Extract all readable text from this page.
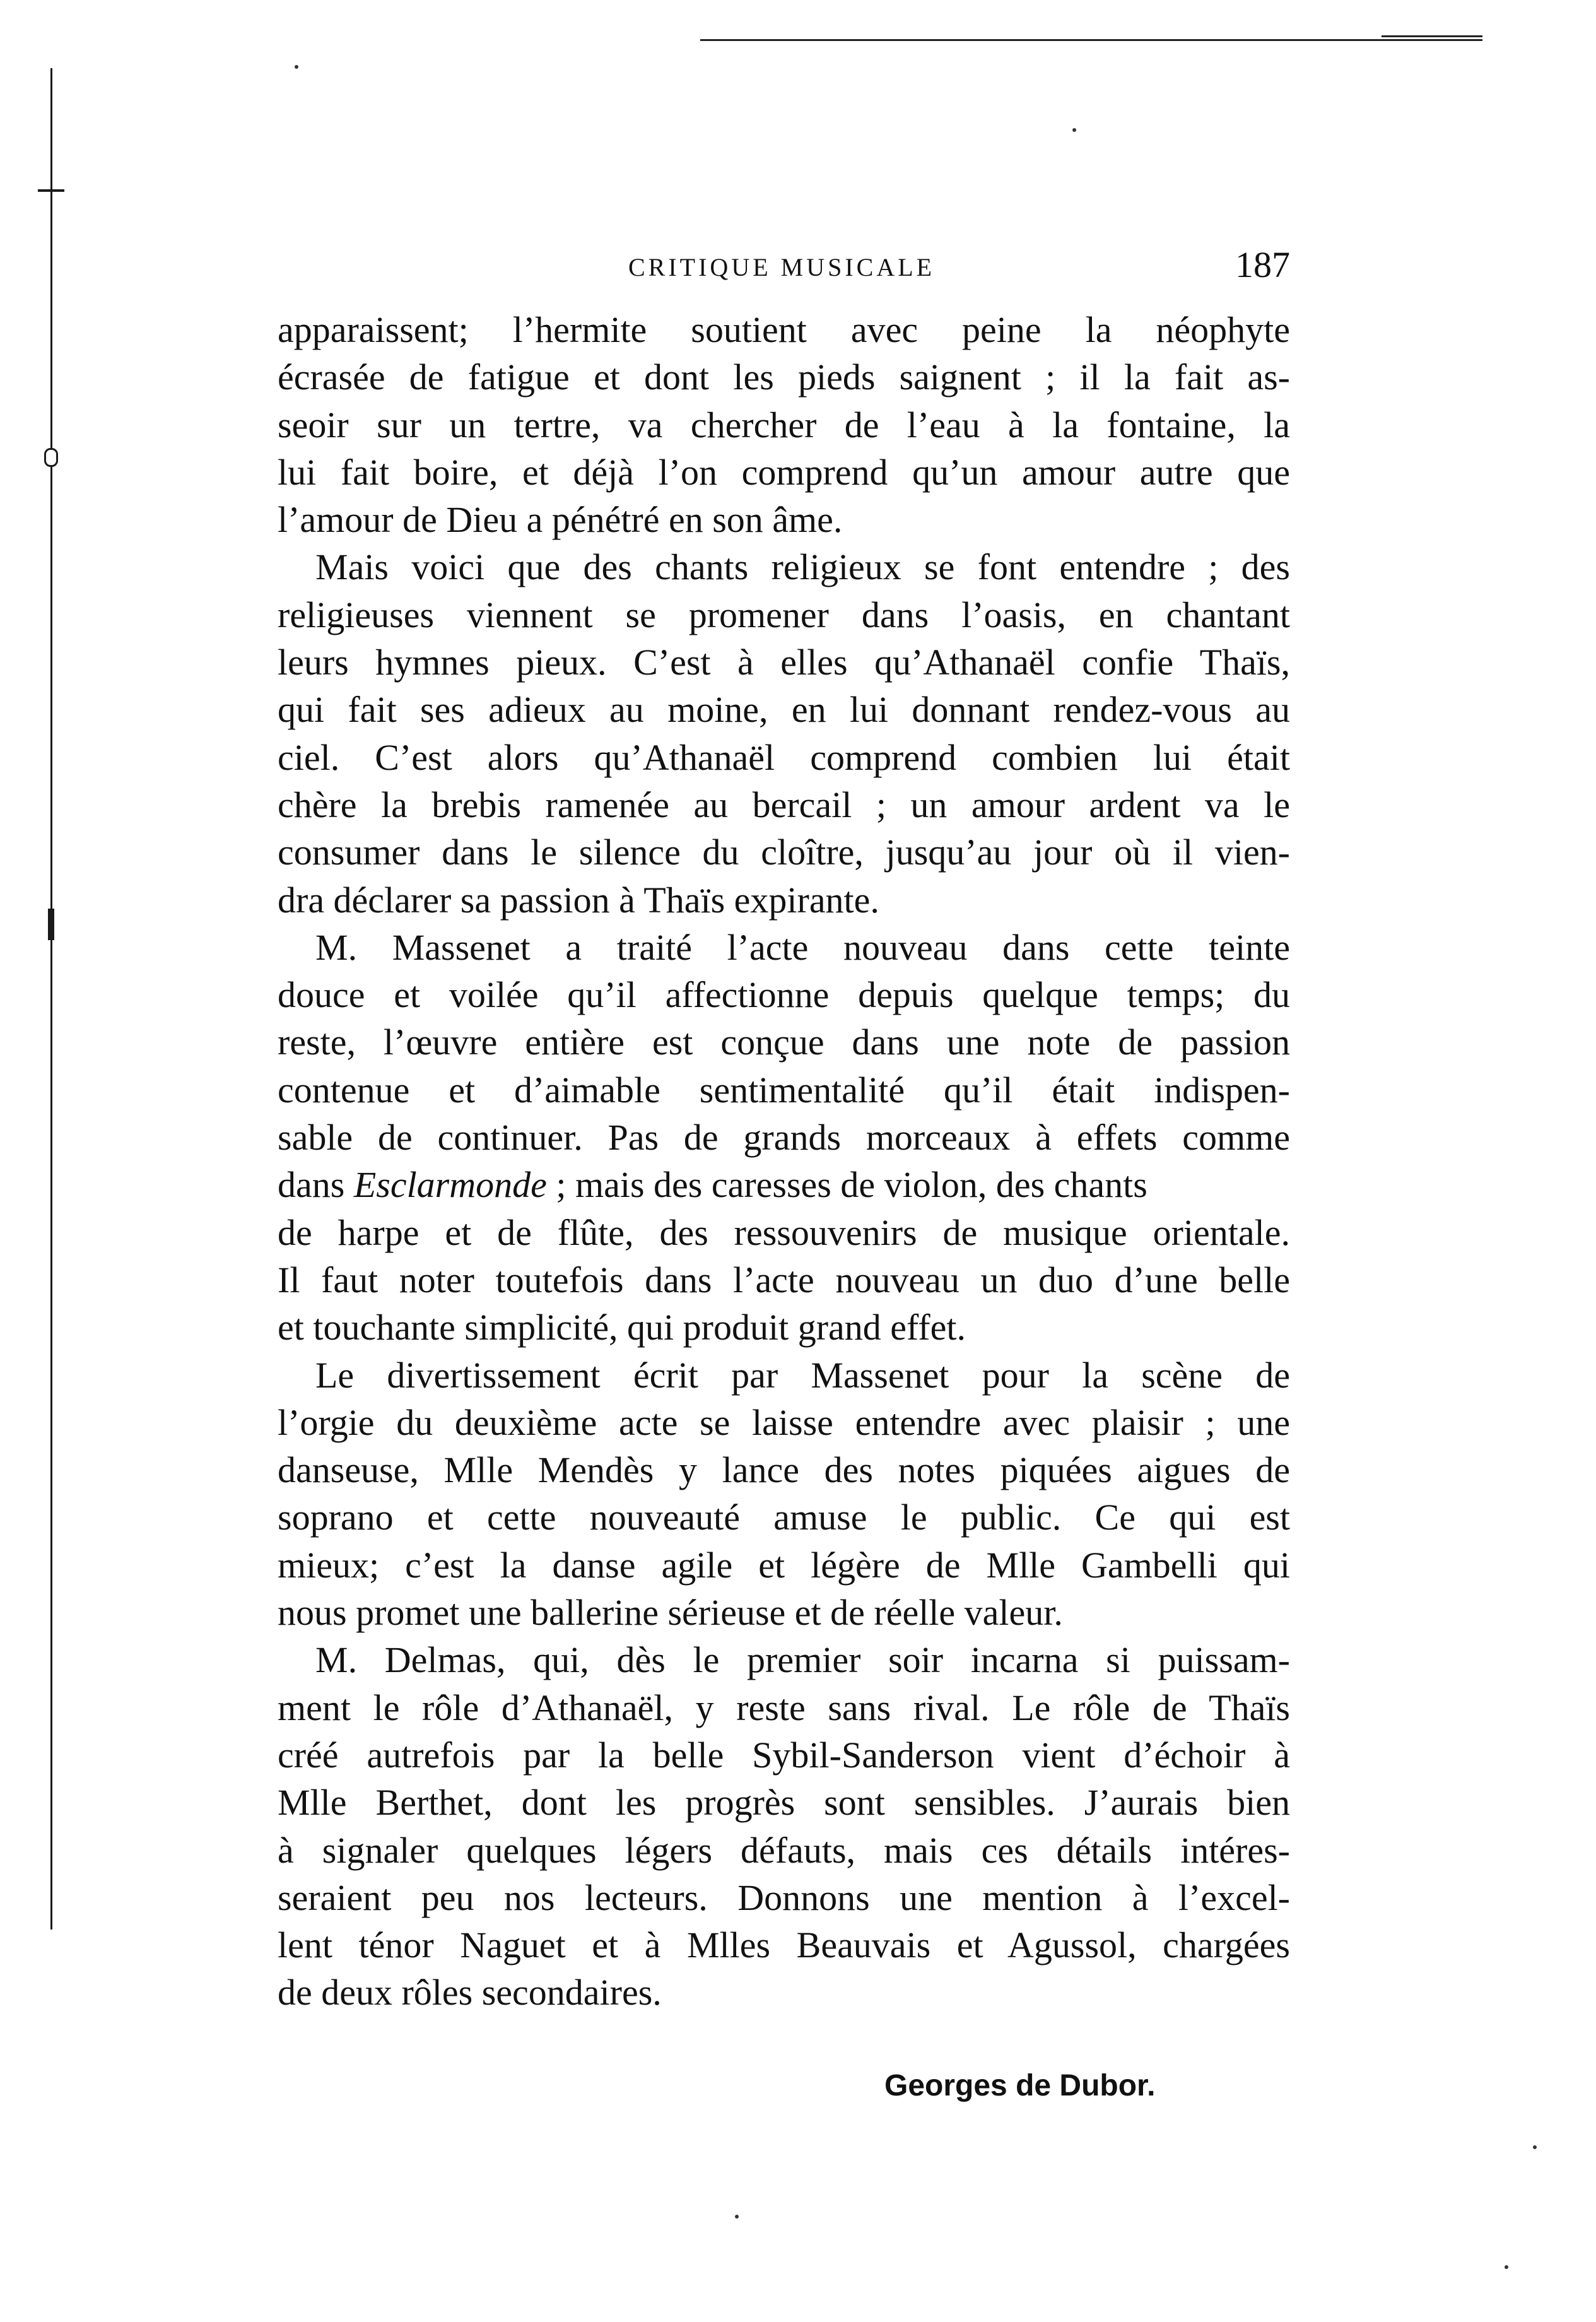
CRITIQUE MUSICALE	187
apparaissent; l’hermite soutient avec peine la néophyte
écrasée de fatigue et dont les pieds saignent ; il la fait as-
seoir sur un tertre, va chercher de l’eau à la fontaine, la
lui fait boire, et déjà l’on comprend qu’un amour autre que
l’amour de Dieu a pénétré en son âme.
Mais voici que des chants religieux se font entendre ; des
religieuses viennent se promener dans l’oasis, en chantant
leurs hymnes pieux. C’est à elles qu’Athanaël confie Thaïs,
qui fait ses adieux au moine, en lui donnant rendez-vous au
ciel. C’est alors qu’Athanaël comprend combien lui était
chère la brebis ramenée au bercail ; un amour ardent va le
consumer dans le silence du cloître, jusqu’au jour où il vien-
dra déclarer sa passion à Thaïs expirante.
M. Massenet a traité l’acte nouveau dans cette teinte
douce et voilée qu’il affectionne depuis quelque temps; du
reste, l’œuvre entière est conçue dans une note de passion
contenue et d’aimable sentimentalité qu’il était indispen-
sable de continuer. Pas de grands morceaux à effets comme
dans Esclarmonde ; mais des caresses de violon, des chants
de harpe et de flûte, des ressouvenirs de musique orientale.
Il faut noter toutefois dans l’acte nouveau un duo d’une belle
et touchante simplicité, qui produit grand effet.
Le divertissement écrit par Massenet pour la scène de
l’orgie du deuxième acte se laisse entendre avec plaisir ; une
danseuse, Mlle Mendès y lance des notes piquées aigues de
soprano et cette nouveauté amuse le public. Ce qui est
mieux; c’est la danse agile et légère de Mlle Gambelli qui
nous promet une ballerine sérieuse et de réelle valeur.
M. Delmas, qui, dès le premier soir incarna si puissam-
ment le rôle d’Athanaël, y reste sans rival. Le rôle de Thaïs
créé autrefois par la belle Sybil-Sanderson vient d’échoir à
Mlle Berthet, dont les progrès sont sensibles. J’aurais bien
à signaler quelques légers défauts, mais ces détails intéres-
seraient peu nos lecteurs. Donnons une mention à l’excel-
lent ténor Naguet et à Mlles Beauvais et Agussol, chargées
de deux rôles secondaires.
Georges de Dubor.
